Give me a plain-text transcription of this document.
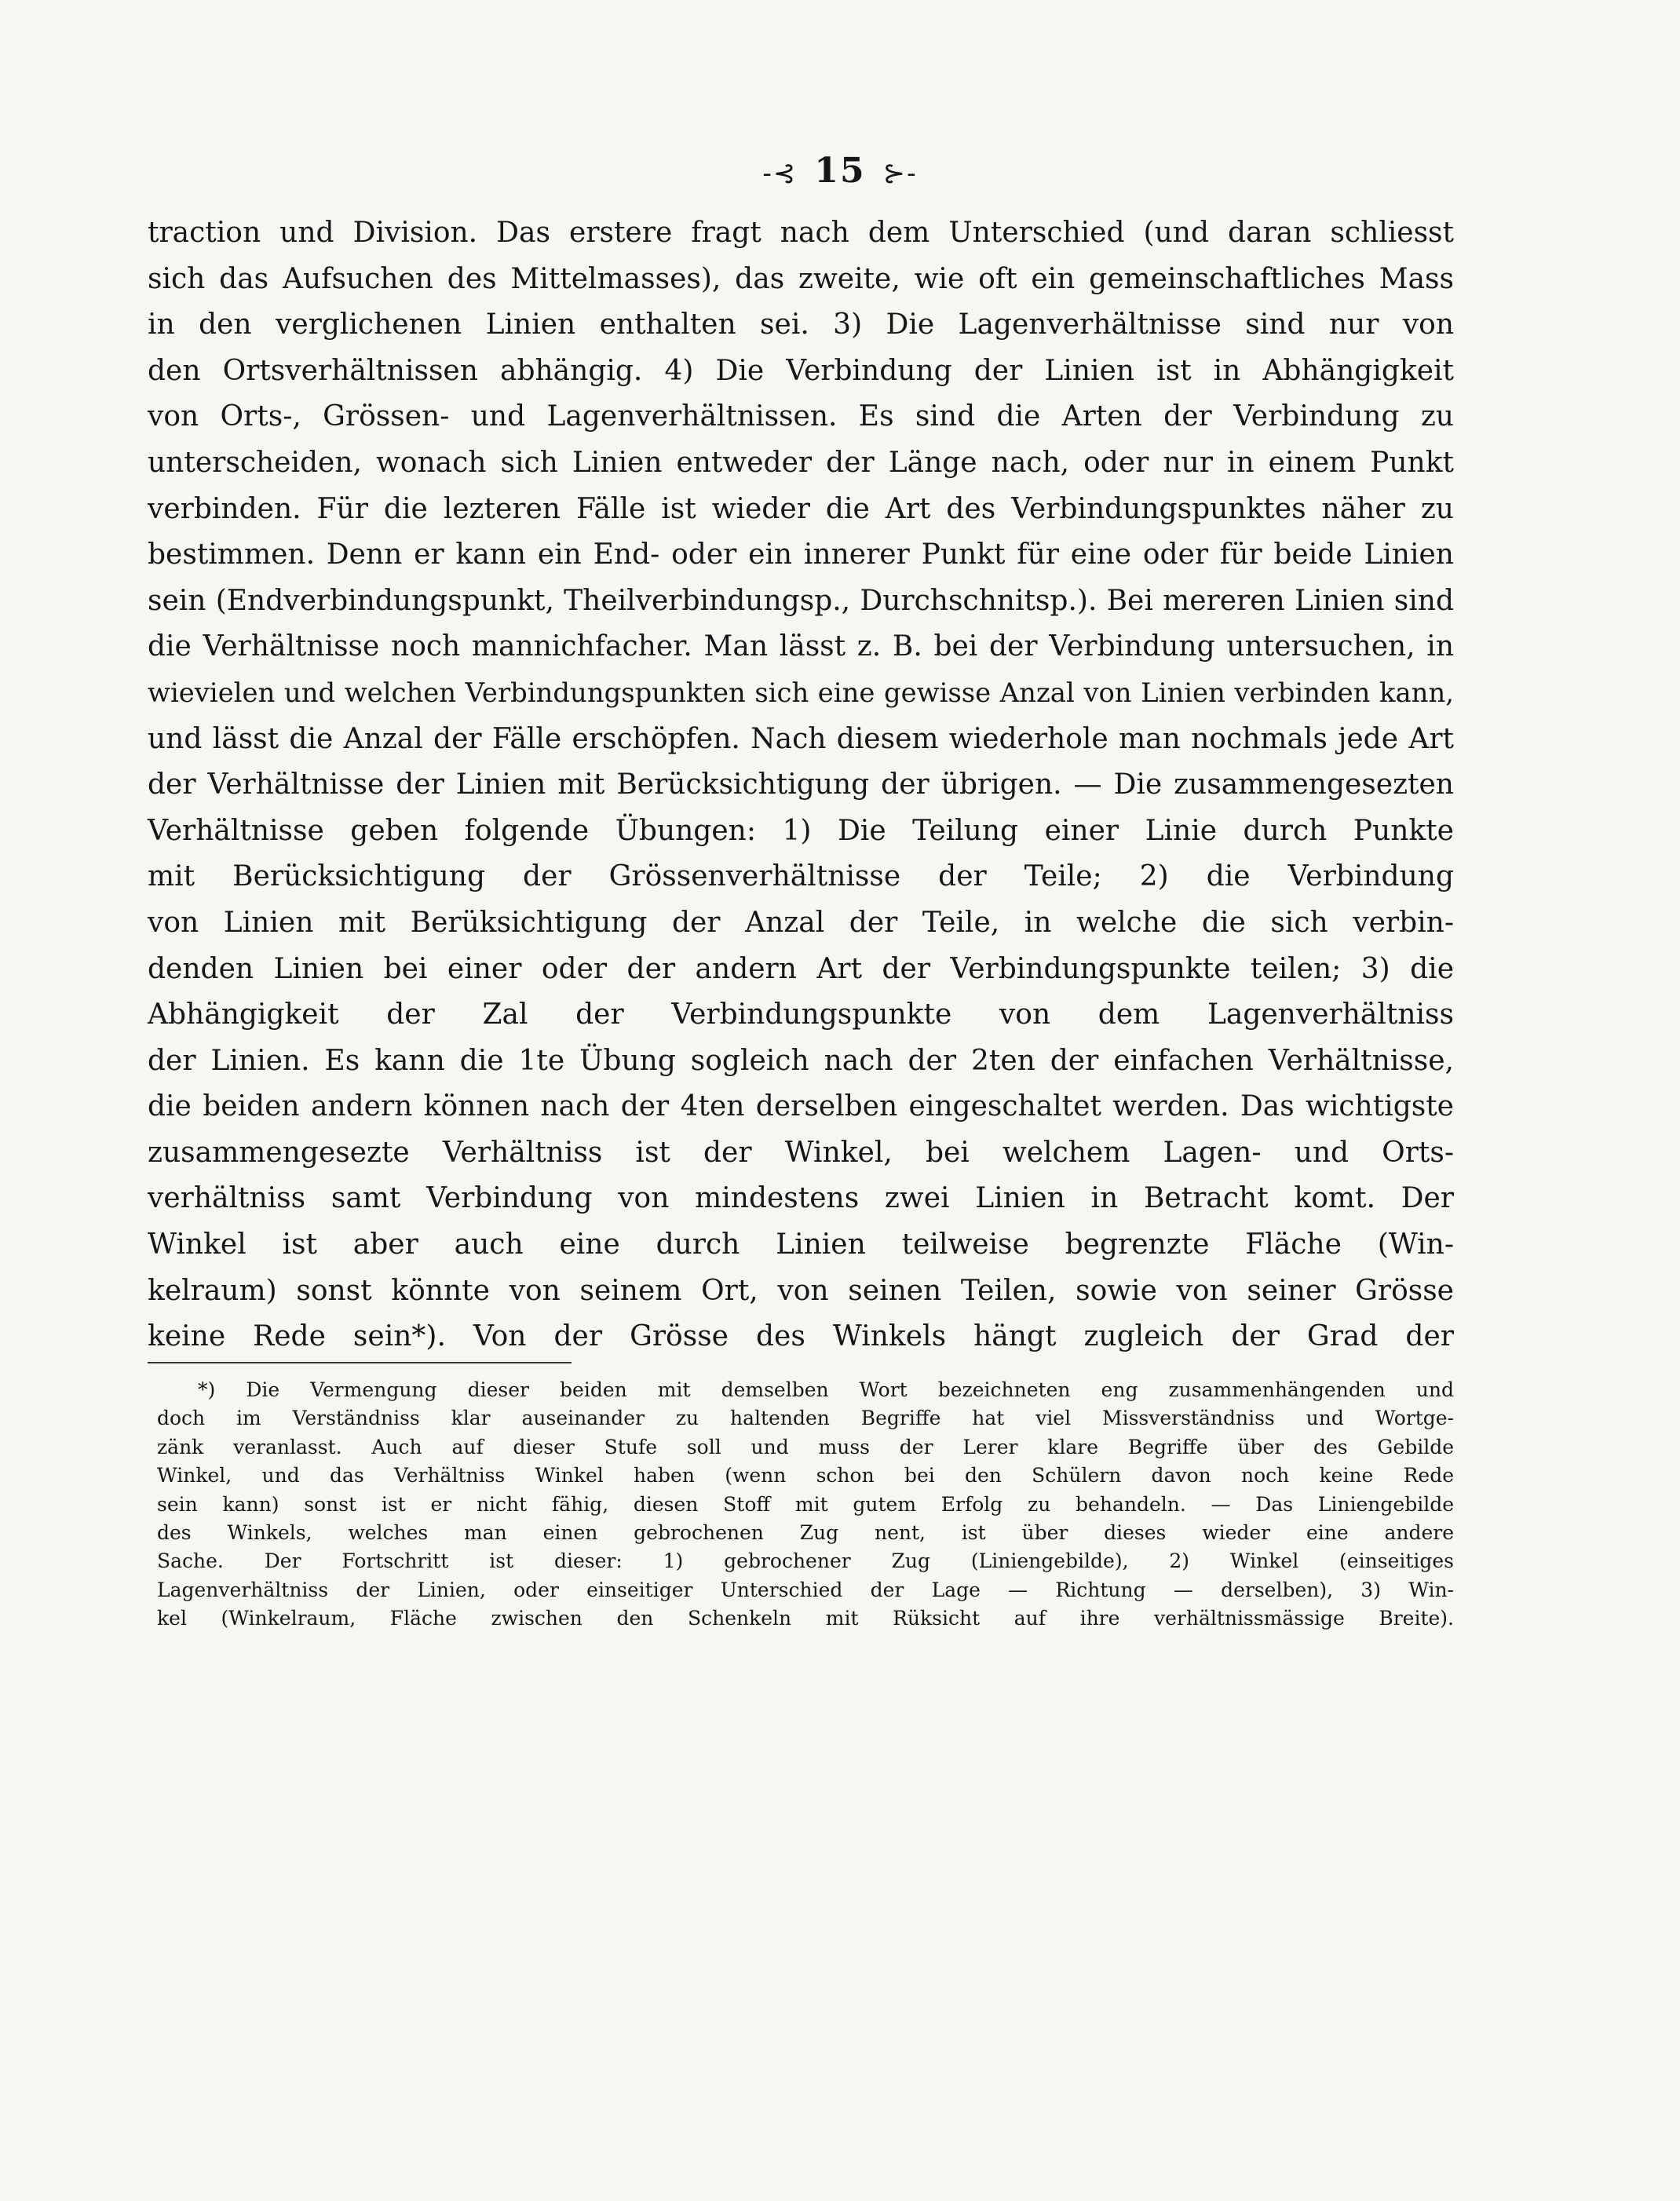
-⊰ 15 ⊱-
traction und Division. Das erstere fragt nach dem Unterschied (und daran schliesst
sich das Aufsuchen des Mittelmasses), das zweite, wie oft ein gemeinschaftliches Mass
in den verglichenen Linien enthalten sei. 3) Die Lagenverhältnisse sind nur von
den Ortsverhältnissen abhängig. 4) Die Verbindung der Linien ist in Abhängigkeit
von Orts-, Grössen- und Lagenverhältnissen. Es sind die Arten der Verbindung zu
unterscheiden, wonach sich Linien entweder der Länge nach, oder nur in einem Punkt
verbinden. Für die lezteren Fälle ist wieder die Art des Verbindungspunktes näher zu
bestimmen. Denn er kann ein End- oder ein innerer Punkt für eine oder für beide Linien
sein (Endverbindungspunkt, Theilverbindungsp., Durchschnitsp.). Bei mereren Linien sind
die Verhältnisse noch mannichfacher. Man lässt z. B. bei der Verbindung untersuchen, in
wievielen und welchen Verbindungspunkten sich eine gewisse Anzal von Linien verbinden kann,
und lässt die Anzal der Fälle erschöpfen. Nach diesem wiederhole man nochmals jede Art
der Verhältnisse der Linien mit Berücksichtigung der übrigen. — Die zusammengesezten
Verhältnisse geben folgende Übungen: 1) Die Teilung einer Linie durch Punkte
mit Berücksichtigung der Grössenverhältnisse der Teile; 2) die Verbindung
von Linien mit Berüksichtigung der Anzal der Teile, in welche die sich verbin-
denden Linien bei einer oder der andern Art der Verbindungspunkte teilen; 3) die
Abhängigkeit der Zal der Verbindungspunkte von dem Lagenverhältniss
der Linien. Es kann die 1te Übung sogleich nach der 2ten der einfachen Verhältnisse,
die beiden andern können nach der 4ten derselben eingeschaltet werden. Das wichtigste
zusammengesezte Verhältniss ist der Winkel, bei welchem Lagen- und Orts-
verhältniss samt Verbindung von mindestens zwei Linien in Betracht komt. Der
Winkel ist aber auch eine durch Linien teilweise begrenzte Fläche (Win-
kelraum) sonst könnte von seinem Ort, von seinen Teilen, sowie von seiner Grösse
keine Rede sein*). Von der Grösse des Winkels hängt zugleich der Grad der
*) Die Vermengung dieser beiden mit demselben Wort bezeichneten eng zusammenhängenden und
doch im Verständniss klar auseinander zu haltenden Begriffe hat viel Missverständniss und Wortge-
zänk veranlasst. Auch auf dieser Stufe soll und muss der Lerer klare Begriffe über des Gebilde
Winkel, und das Verhältniss Winkel haben (wenn schon bei den Schülern davon noch keine Rede
sein kann) sonst ist er nicht fähig, diesen Stoff mit gutem Erfolg zu behandeln. — Das Liniengebilde
des Winkels, welches man einen gebrochenen Zug nent, ist über dieses wieder eine andere
Sache. Der Fortschritt ist dieser: 1) gebrochener Zug (Liniengebilde), 2) Winkel (einseitiges
Lagenverhältniss der Linien, oder einseitiger Unterschied der Lage — Richtung — derselben), 3) Win-
kel (Winkelraum, Fläche zwischen den Schenkeln mit Rüksicht auf ihre verhältnissmässige Breite).
